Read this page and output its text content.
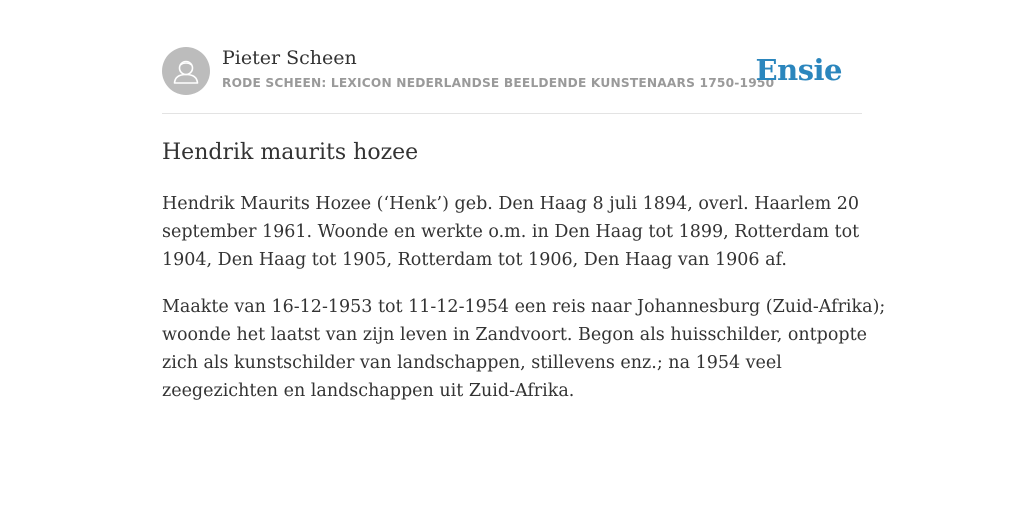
Pieter Scheen
RODE SCHEEN: LEXICON NEDERLANDSE BEELDENDE KUNSTENAARS 1750-1950
Ensie
Hendrik maurits hozee

Hendrik Maurits Hozee (‘Henk’) geb. Den Haag 8 juli 1894, overl. Haarlem 20
september 1961. Woonde en werkte o.m. in Den Haag tot 1899, Rotterdam tot
1904, Den Haag tot 1905, Rotterdam tot 1906, Den Haag van 1906 af.

Maakte van 16-12-1953 tot 11-12-1954 een reis naar Johannesburg (Zuid-Afrika);
woonde het laatst van zijn leven in Zandvoort. Begon als huisschilder, ontpopte
zich als kunstschilder van landschappen, stillevens enz.; na 1954 veel
zeegezichten en landschappen uit Zuid-Afrika.
